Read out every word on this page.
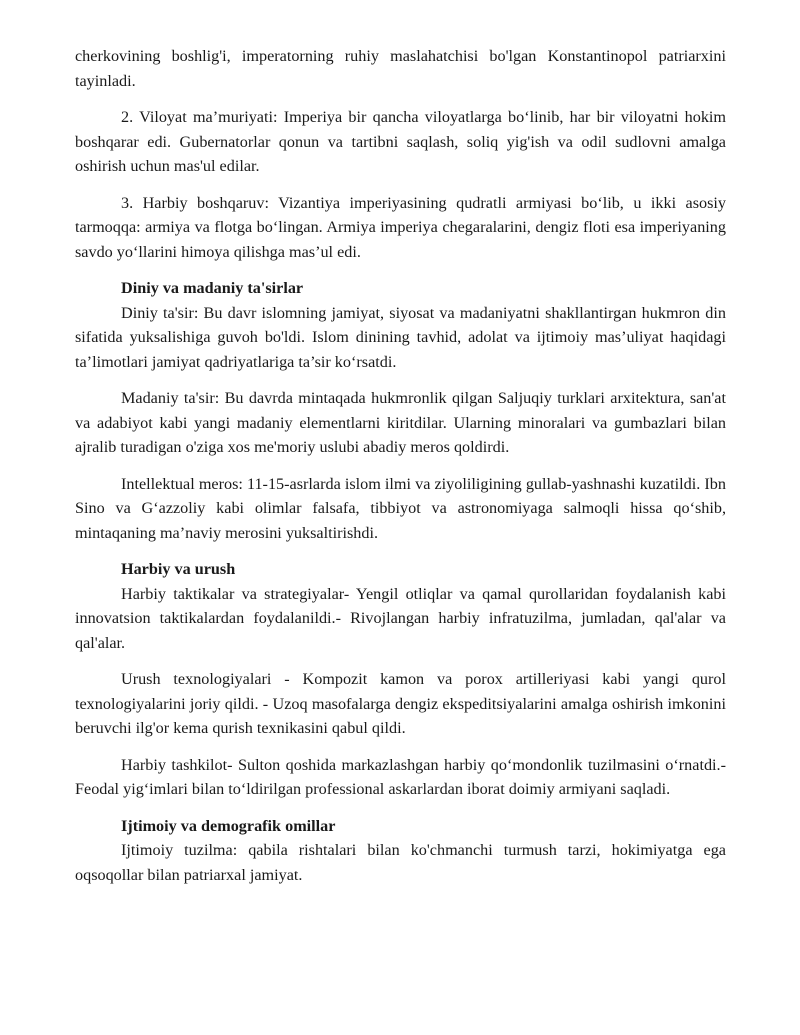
cherkovining boshlig'i, imperatorning ruhiy maslahatchisi bo'lgan Konstantinopol patriarxini tayinladi.

2. Viloyat ma’muriyati: Imperiya bir qancha viloyatlarga bo‘linib, har bir viloyatni hokim boshqarar edi. Gubernatorlar qonun va tartibni saqlash, soliq yig'ish va odil sudlovni amalga oshirish uchun mas'ul edilar.

3. Harbiy boshqaruv: Vizantiya imperiyasining qudratli armiyasi bo‘lib, u ikki asosiy tarmoqqa: armiya va flotga bo‘lingan. Armiya imperiya chegaralarini, dengiz floti esa imperiyaning savdo yo‘llarini himoya qilishga mas’ul edi.

Diniy va madaniy ta'sirlar

Diniy ta'sir: Bu davr islomning jamiyat, siyosat va madaniyatni shakllantirgan hukmron din sifatida yuksalishiga guvoh bo'ldi. Islom dinining tavhid, adolat va ijtimoiy mas’uliyat haqidagi ta’limotlari jamiyat qadriyatlariga ta’sir ko‘rsatdi.

Madaniy ta'sir: Bu davrda mintaqada hukmronlik qilgan Saljuqiy turklari arxitektura, san'at va adabiyot kabi yangi madaniy elementlarni kiritdilar. Ularning minoralari va gumbazlari bilan ajralib turadigan o'ziga xos me'moriy uslubi abadiy meros qoldirdi.

Intellektual meros: 11-15-asrlarda islom ilmi va ziyoliligining gullab-yashnashi kuzatildi. Ibn Sino va G‘azzoliy kabi olimlar falsafa, tibbiyot va astronomiyaga salmoqli hissa qo‘shib, mintaqaning ma’naviy merosini yuksaltirishdi.

Harbiy va urush

Harbiy taktikalar va strategiyalar- Yengil otliqlar va qamal qurollaridan foydalanish kabi innovatsion taktikalardan foydalanildi.- Rivojlangan harbiy infratuzilma, jumladan, qal'alar va qal'alar.

Urush texnologiyalari - Kompozit kamon va porox artilleriyasi kabi yangi qurol texnologiyalarini joriy qildi. - Uzoq masofalarga dengiz ekspeditsiyalarini amalga oshirish imkonini beruvchi ilg'or kema qurish texnikasini qabul qildi.

Harbiy tashkilot- Sulton qoshida markazlashgan harbiy qo‘mondonlik tuzilmasini o‘rnatdi.- Feodal yig‘imlari bilan to‘ldirilgan professional askarlardan iborat doimiy armiyani saqladi.

Ijtimoiy va demografik omillar

Ijtimoiy tuzilma: qabila rishtalari bilan ko'chmanchi turmush tarzi, hokimiyatga ega oqsoqollar bilan patriarxal jamiyat.
